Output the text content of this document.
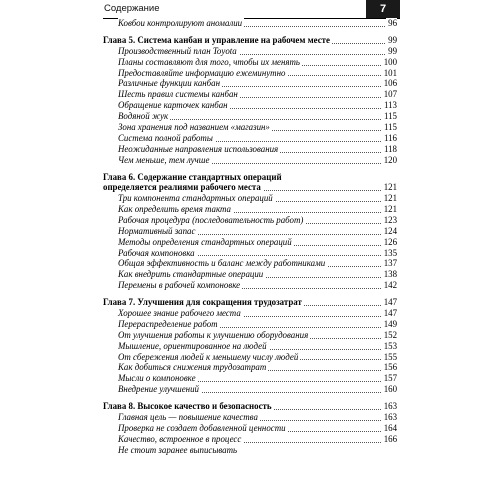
Содержание	7
Ковбои контролируют аномалии	96
Глава 5. Система канбан и управление на рабочем месте	99
Производственный план Toyota	99
Планы составляют для того, чтобы их менять	100
Предоставляйте информацию ежеминутно	101
Различные функции канбан	106
Шесть правил системы канбан	107
Обращение карточек канбан	113
Водяной жук	115
Зона хранения под названием «магазин»	115
Система полной работы	116
Неожиданные направления использования	118
Чем меньше, тем лучше	120
Глава 6. Содержание стандартных операций
определяется реалиями рабочего места	121
Три компонента стандартных операций	121
Как определить время такта	121
Рабочая процедура (последовательность работ)	123
Нормативный запас	124
Методы определения стандартных операций	126
Рабочая компоновка	135
Общая эффективность и баланс между работниками	137
Как внедрить стандартные операции	138
Перемены в рабочей компоновке	142
Глава 7. Улучшения для сокращения трудозатрат	147
Хорошее знание рабочего места	147
Перераспределение работ	149
От улучшения работы к улучшению оборудования	152
Мышление, ориентированное на людей	153
От сбережения людей к меньшему числу людей	155
Как добиться снижения трудозатрат	156
Мысли о компоновке	157
Внедрение улучшений	160
Глава 8. Высокое качество и безопасность	163
Главная цель — повышение качества	163
Проверка не создает добавленной ценности	164
Качество, встроенное в процесс	166
Не стоит заранее выписывать
